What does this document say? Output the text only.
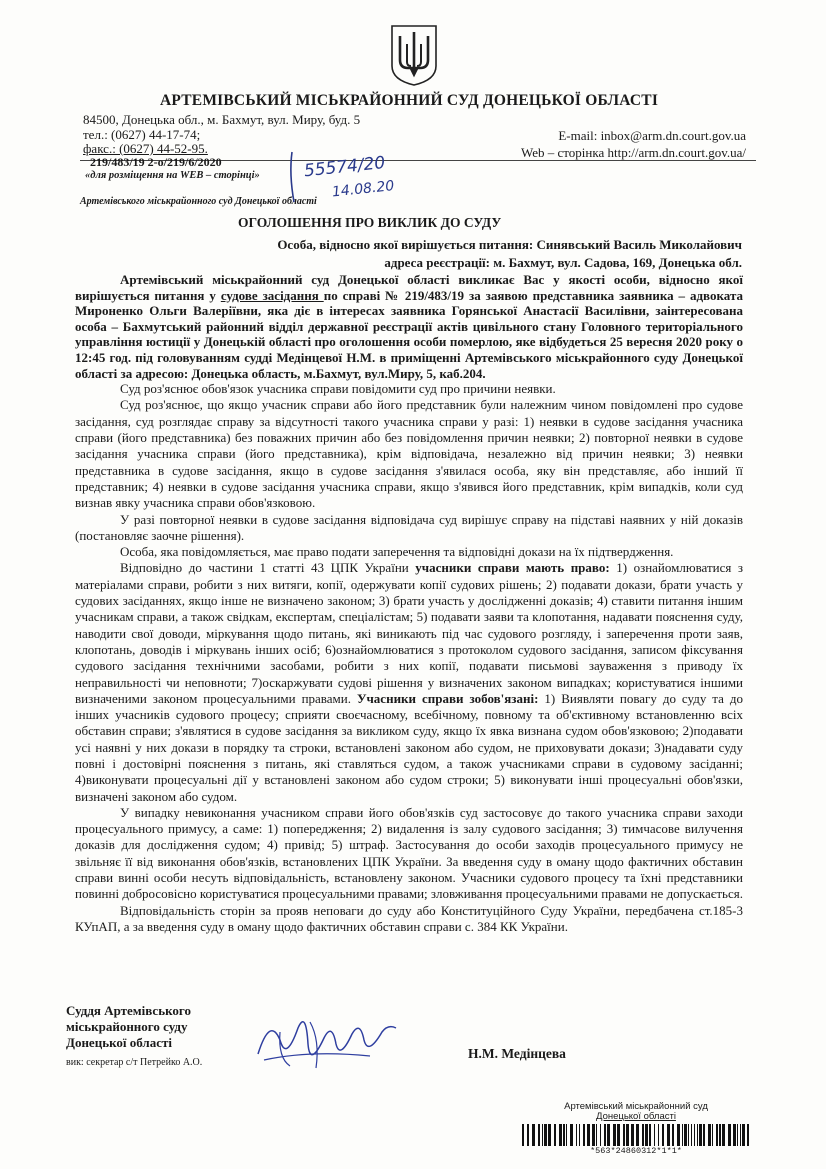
АРТЕМІВСЬКИЙ МІСЬКРАЙОННИЙ СУД ДОНЕЦЬКОЇ ОБЛАСТІ
84500, Донецька обл., м. Бахмут, вул. Миру, буд. 5
тел.: (0627) 44-17-74;
факс.: (0627) 44-52-95.
E-mail: inbox@arm.dn.court.gov.ua
Web – сторінка http://arm.dn.court.gov.ua/
219/483/19 2-о/219/6/2020
«для розміщення на WEB – сторінці»
Артемівського міськрайонного суд Донецької області
55574/20
14.08.20
ОГОЛОШЕННЯ ПРО ВИКЛИК ДО СУДУ
Особа, відносно якої вирішується питання: Синявський Василь Миколайович
адреса реєстрації: м. Бахмут, вул. Садова, 169, Донецька обл.

Артемівський міськрайонний суд Донецької області викликає Вас у якості особи, відносно якої вирішується питання у судове засідання по справі № 219/483/19 за заявою представника заявника – адвоката Мироненко Ольги Валеріївни, яка діє в інтересах заявника Горянської Анастасії Василівни, заінтересована особа – Бахмутський районний відділ державної реєстрації актів цивільного стану Головного територіального управління юстиції у Донецькій області про оголошення особи померлою, яке відбудеться 25 вересня 2020 року о 12:45 год. під головуванням судді Медінцевої Н.М. в приміщенні Артемівського міськрайонного суду Донецької області за адресою: Донецька область, м.Бахмут, вул.Миру, 5, каб.204.

Суд роз'яснює обов'язок учасника справи повідомити суд про причини неявки.

Суд роз'яснює, що якщо учасник справи або його представник були належним чином повідомлені про судове засідання, суд розглядає справу за відсутності такого учасника справи у разі: 1) неявки в судове засідання учасника справи (його представника) без поважних причин або без повідомлення причин неявки; 2) повторної неявки в судове засідання учасника справи (його представника), крім відповідача, незалежно від причин неявки; 3) неявки представника в судове засідання, якщо в судове засідання з'явилася особа, яку він представляє, або інший її представник; 4) неявки в судове засідання учасника справи, якщо з'явився його представник, крім випадків, коли суд визнав явку учасника справи обов'язковою.

У разі повторної неявки в судове засідання відповідача суд вирішує справу на підставі наявних у ній доказів (постановляє заочне рішення).

Особа, яка повідомляється, має право подати заперечення та відповідні докази на їх підтвердження.

Відповідно до частини 1 статті 43 ЦПК України учасники справи мають право: 1) ознайомлюватися з матеріалами справи, робити з них витяги, копії, одержувати копії судових рішень; 2) подавати докази, брати участь у судових засіданнях, якщо інше не визначено законом; 3) брати участь у дослідженні доказів; 4) ставити питання іншим учасникам справи, а також свідкам, експертам, спеціалістам; 5) подавати заяви та клопотання, надавати пояснення суду, наводити свої доводи, міркування щодо питань, які виникають під час судового розгляду, і заперечення проти заяв, клопотань, доводів і міркувань інших осіб; 6)ознайомлюватися з протоколом судового засідання, записом фіксування судового засідання технічними засобами, робити з них копії, подавати письмові зауваження з приводу їх неправильності чи неповноти; 7)оскаржувати судові рішення у визначених законом випадках; користуватися іншими визначеними законом процесуальними правами. Учасники справи зобов'язані: 1) Виявляти повагу до суду та до інших учасників судового процесу; сприяти своєчасному, всебічному, повному та об'єктивному встановленню всіх обставин справи; з'являтися в судове засідання за викликом суду, якщо їх явка визнана судом обов'язковою; 2)подавати усі наявні у них докази в порядку та строки, встановлені законом або судом, не приховувати докази; 3)надавати суду повні і достовірні пояснення з питань, які ставляться судом, а також учасниками справи в судовому засіданні; 4)виконувати процесуальні дії у встановлені законом або судом строки; 5) виконувати інші процесуальні обов'язки, визначені законом або судом.

У випадку невиконання учасником справи його обов'язків суд застосовує до такого учасника справи заходи процесуального примусу, а саме: 1) попередження; 2) видалення із залу судового засідання; 3) тимчасове вилучення доказів для дослідження судом; 4) привід; 5) штраф. Застосування до особи заходів процесуального примусу не звільняє її від виконання обов'язків, встановлених ЦПК України. За введення суду в оману щодо фактичних обставин справи винні особи несуть відповідальність, встановлену законом. Учасники судового процесу та їхні представники повинні добросовісно користуватися процесуальними правами; зловживання процесуальними правами не допускається.

Відповідальність сторін за прояв неповаги до суду або Конституційного Суду України, передбачена ст.185-3 КУпАП, а за введення суду в оману щодо фактичних обставин справи с. 384 КК України.

Суддя Артемівського
міськрайонного суду
Донецької області
вик: секретар с/т Петрейко А.О.
Н.М. Медінцева
Артемівський міськрайонний суд
Донецької області
*563*24860312*1*1*
